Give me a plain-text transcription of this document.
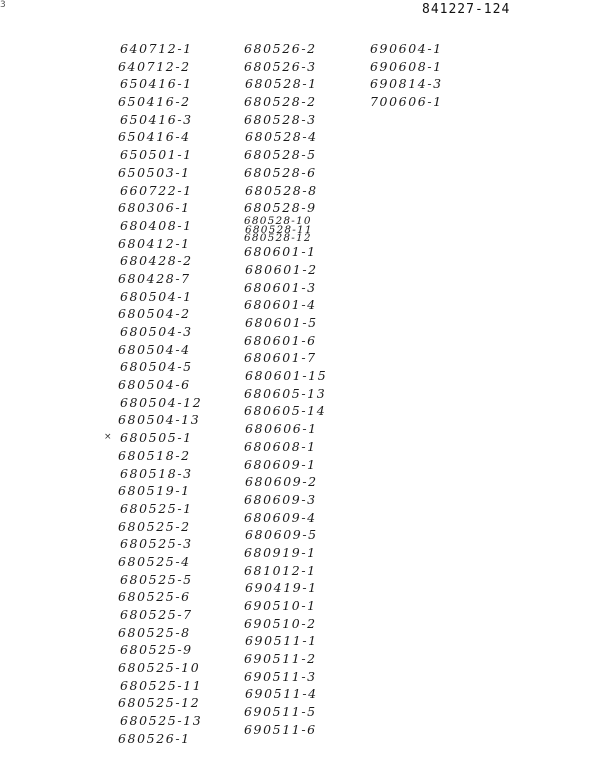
3	841227-124
×
640712-1
640712-2
650416-1
650416-2
650416-3
650416-4
650501-1
650503-1
660722-1
680306-1
680408-1
680412-1
680428-2
680428-7
680504-1
680504-2
680504-3
680504-4
680504-5
680504-6
680504-12
680504-13
680505-1
680518-2
680518-3
680519-1
680525-1
680525-2
680525-3
680525-4
680525-5
680525-6
680525-7
680525-8
680525-9
680525-10
680525-11
680525-12
680525-13
680526-1
680526-2
680526-3
680528-1
680528-2
680528-3
680528-4
680528-5
680528-6
680528-8
680528-9
680528-10
680528-11
680528-12
680601-1
680601-2
680601-3
680601-4
680601-5
680601-6
680601-7
680601-15
680605-13
680605-14
680606-1
680608-1
680609-1
680609-2
680609-3
680609-4
680609-5
680919-1
681012-1
690419-1
690510-1
690510-2
690511-1
690511-2
690511-3
690511-4
690511-5
690511-6
690604-1
690608-1
690814-3
700606-1
